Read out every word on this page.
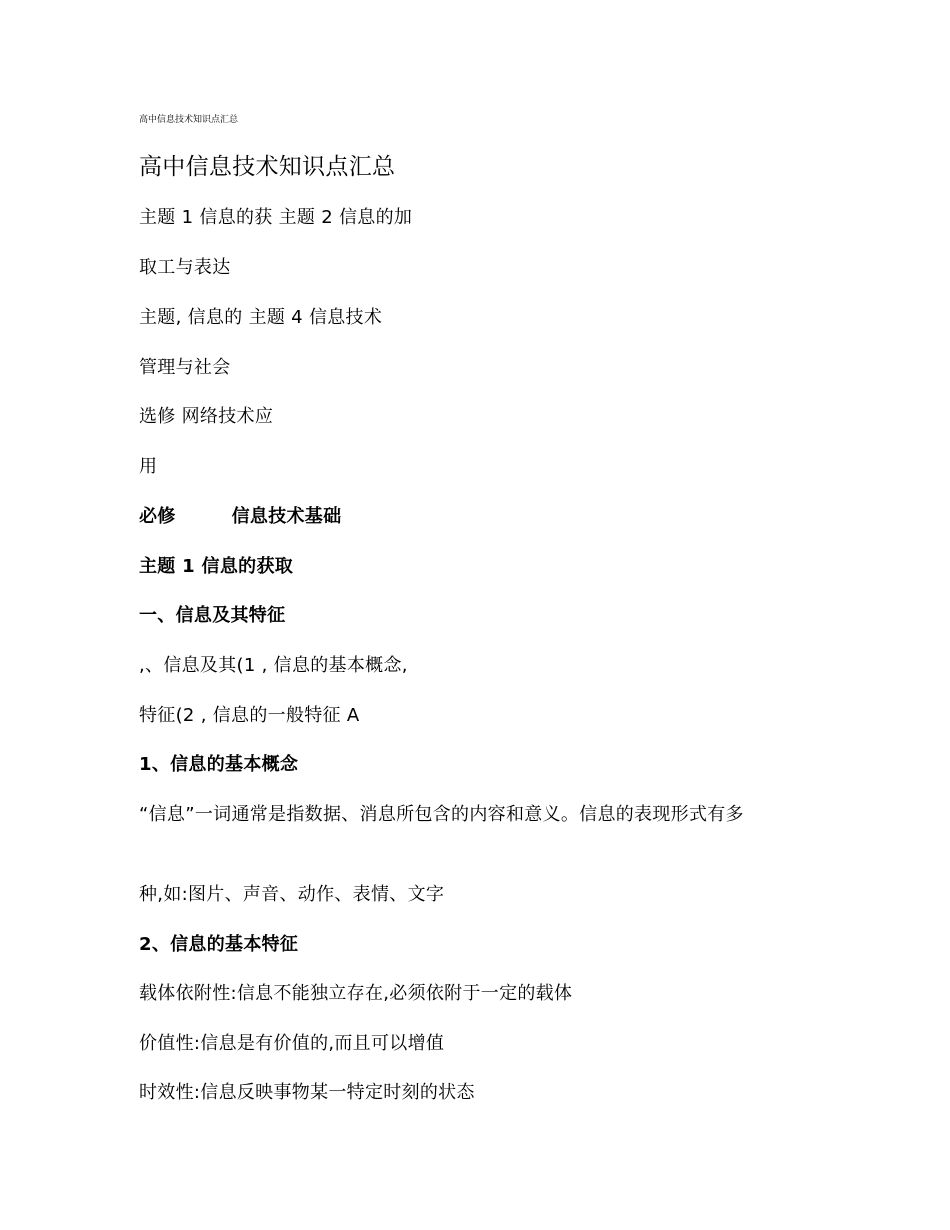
高中信息技术知识点汇总
高中信息技术知识点汇总
主题 1 信息的获 主题 2 信息的加
取工与表达
主题, 信息的 主题 4 信息技术
管理与社会
选修 网络技术应
用
必修	信息技术基础
主题 1 信息的获取
一、信息及其特征
,、信息及其(1 , 信息的基本概念,
特征(2 , 信息的一般特征 A
1、信息的基本概念
“信息”一词通常是指数据、消息所包含的内容和意义。信息的表现形式有多
种,如:图片、声音、动作、表情、文字
2、信息的基本特征
载体依附性:信息不能独立存在,必须依附于一定的载体
价值性:信息是有价值的,而且可以增值
时效性:信息反映事物某一特定时刻的状态
